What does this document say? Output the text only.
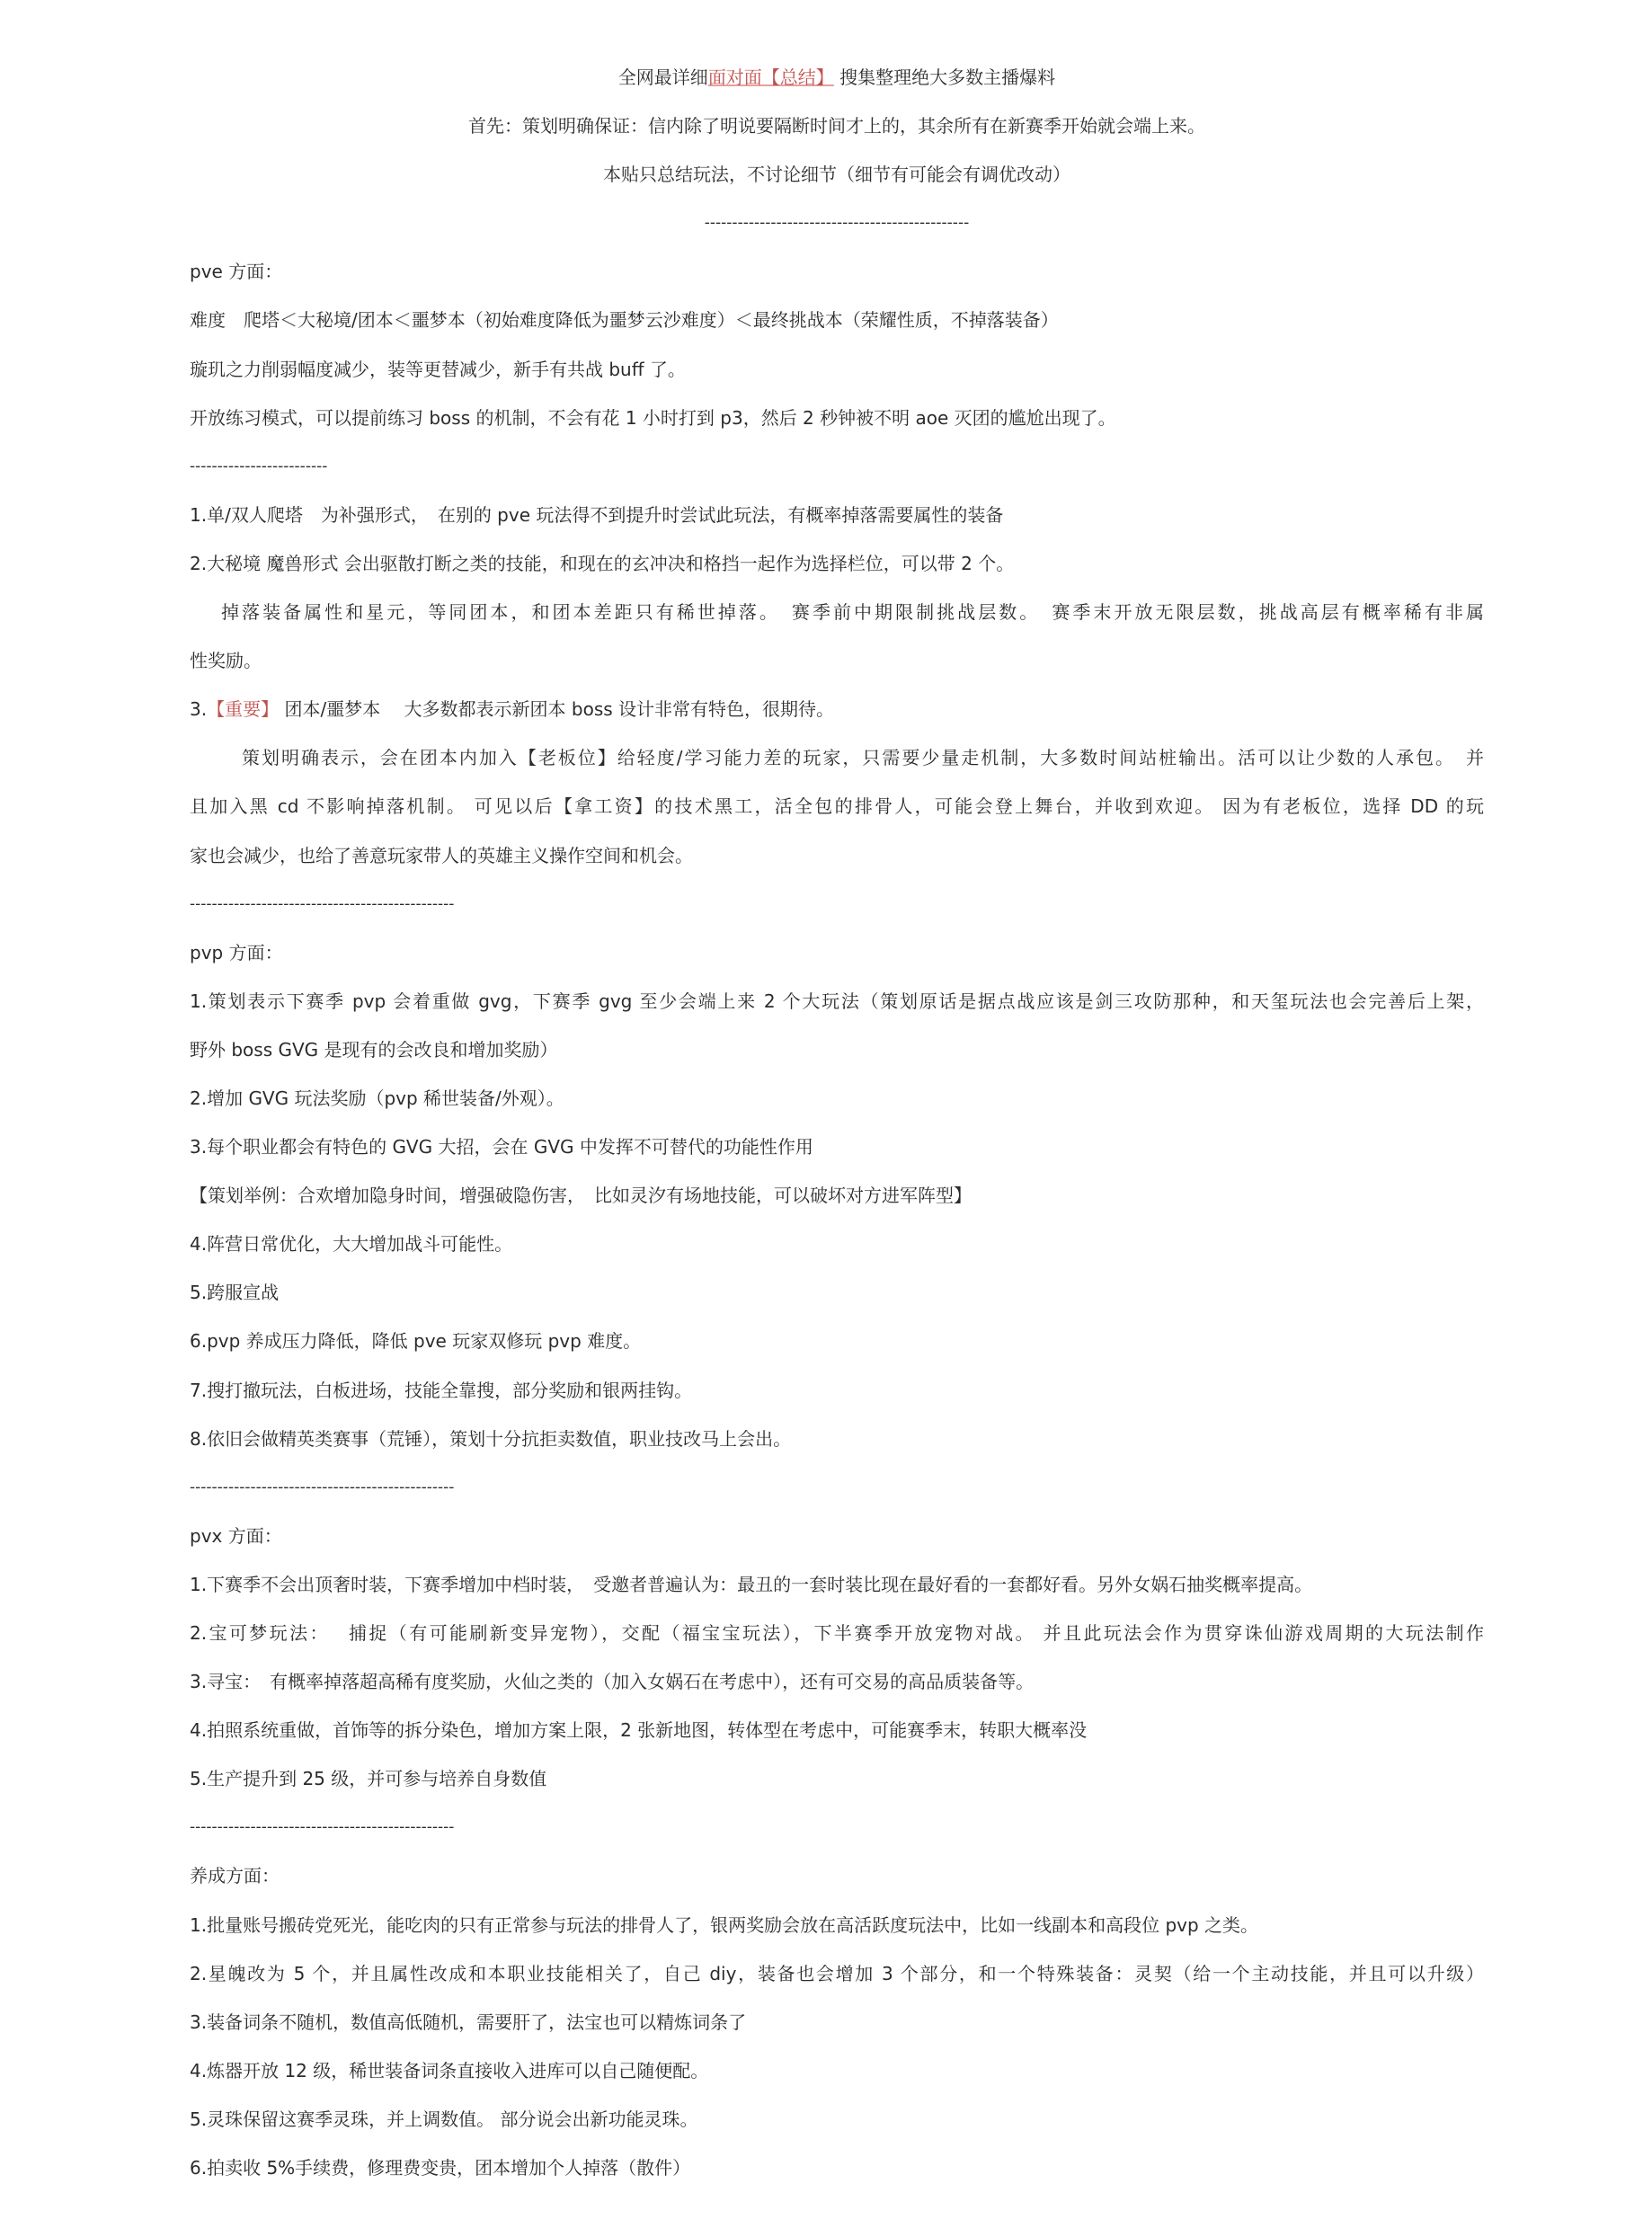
全网最详细面对面【总结】 搜集整理绝大多数主播爆料
首先：策划明确保证：信内除了明说要隔断时间才上的，其余所有在新赛季开始就会端上来。
本贴只总结玩法，不讨论细节（细节有可能会有调优改动）
------------------------------------------------
pve 方面：
难度　爬塔＜大秘境/团本＜噩梦本（初始难度降低为噩梦云沙难度）＜最终挑战本（荣耀性质，不掉落装备）
璇玑之力削弱幅度减少，装等更替减少，新手有共战 buff 了。
开放练习模式，可以提前练习 boss 的机制，不会有花 1 小时打到 p3，然后 2 秒钟被不明 aoe 灭团的尴尬出现了。
-------------------------
1.单/双人爬塔　为补强形式，　在别的 pve 玩法得不到提升时尝试此玩法，有概率掉落需要属性的装备
2.大秘境 魔兽形式 会出驱散打断之类的技能，和现在的玄冲决和格挡一起作为选择栏位，可以带 2 个。
掉落装备属性和星元，等同团本，和团本差距只有稀世掉落。　赛季前中期限制挑战层数。　赛季末开放无限层数，挑战高层有概率稀有非属
性奖励。
3.【重要】 团本/噩梦本　 大多数都表示新团本 boss 设计非常有特色，很期待。
策划明确表示，会在团本内加入【老板位】给轻度/学习能力差的玩家，只需要少量走机制，大多数时间站桩输出。活可以让少数的人承包。　并
且加入黑 cd 不影响掉落机制。 可见以后【拿工资】的技术黑工，活全包的排骨人，可能会登上舞台，并收到欢迎。 因为有老板位，选择 DD 的玩
家也会减少，也给了善意玩家带人的英雄主义操作空间和机会。
------------------------------------------------
pvp 方面：
1.策划表示下赛季 pvp 会着重做 gvg，下赛季 gvg 至少会端上来 2 个大玩法（策划原话是据点战应该是剑三攻防那种，和天玺玩法也会完善后上架，
野外 boss GVG 是现有的会改良和增加奖励）
2.增加 GVG 玩法奖励（pvp 稀世装备/外观）。
3.每个职业都会有特色的 GVG 大招，会在 GVG 中发挥不可替代的功能性作用
【策划举例：合欢增加隐身时间，增强破隐伤害，　比如灵汐有场地技能，可以破坏对方进军阵型】
4.阵营日常优化，大大增加战斗可能性。
5.跨服宣战
6.pvp 养成压力降低，降低 pve 玩家双修玩 pvp 难度。
7.搜打撤玩法，白板进场，技能全靠搜，部分奖励和银两挂钩。
8.依旧会做精英类赛事（荒锤），策划十分抗拒卖数值，职业技改马上会出。
------------------------------------------------
pvx 方面：
1.下赛季不会出顶奢时装，下赛季增加中档时装，　受邀者普遍认为：最丑的一套时装比现在最好看的一套都好看。另外女娲石抽奖概率提高。
2.宝可梦玩法：　 捕捉（有可能刷新变异宠物），交配（福宝宝玩法），下半赛季开放宠物对战。 并且此玩法会作为贯穿诛仙游戏周期的大玩法制作
3.寻宝：　有概率掉落超高稀有度奖励，火仙之类的（加入女娲石在考虑中），还有可交易的高品质装备等。
4.拍照系统重做，首饰等的拆分染色，增加方案上限，2 张新地图，转体型在考虑中，可能赛季末，转职大概率没
5.生产提升到 25 级，并可参与培养自身数值
------------------------------------------------
养成方面：
1.批量账号搬砖党死光，能吃肉的只有正常参与玩法的排骨人了，银两奖励会放在高活跃度玩法中，比如一线副本和高段位 pvp 之类。
2.星魄改为 5 个，并且属性改成和本职业技能相关了，自己 diy，装备也会增加 3 个部分，和一个特殊装备：灵契（给一个主动技能，并且可以升级）
3.装备词条不随机，数值高低随机，需要肝了，法宝也可以精炼词条了
4.炼器开放 12 级，稀世装备词条直接收入进库可以自己随便配。
5.灵珠保留这赛季灵珠，并上调数值。 部分说会出新功能灵珠。
6.拍卖收 5%手续费，修理费变贵，团本增加个人掉落（散件）
